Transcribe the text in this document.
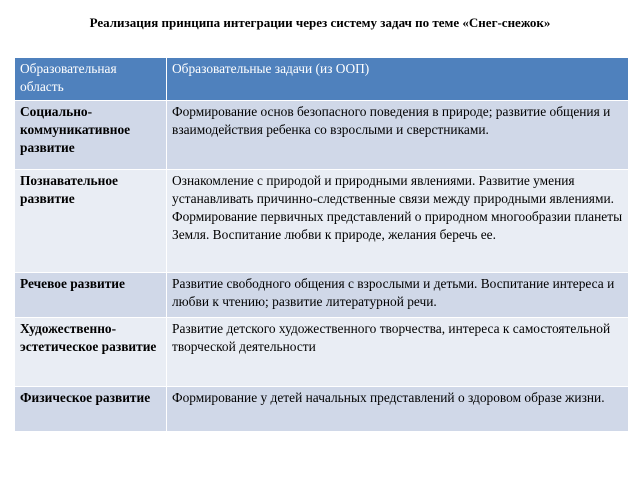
Реализация принципа интеграции через систему задач по теме «Снег-снежок»
Образовательная область	Образовательные задачи (из ООП)
Социально-коммуникативное развитие	Формирование основ безопасного поведения в природе; развитие общения и взаимодействия ребенка со взрослыми и сверстниками.
Познавательное развитие	Ознакомление с природой и природными явлениями. Развитие умения устанавливать причинно-следственные связи между природными явлениями. Формирование первичных представлений о природном многообразии планеты Земля. Воспитание любви к природе, желания беречь ее.
Речевое развитие	Развитие свободного общения с взрослыми и детьми. Воспитание интереса и любви к чтению; развитие литературной речи.
Художественно-эстетическое развитие	Развитие детского художественного творчества, интереса к самостоятельной творческой деятельности
Физическое развитие	Формирование у детей начальных представлений о здоровом образе жизни.
